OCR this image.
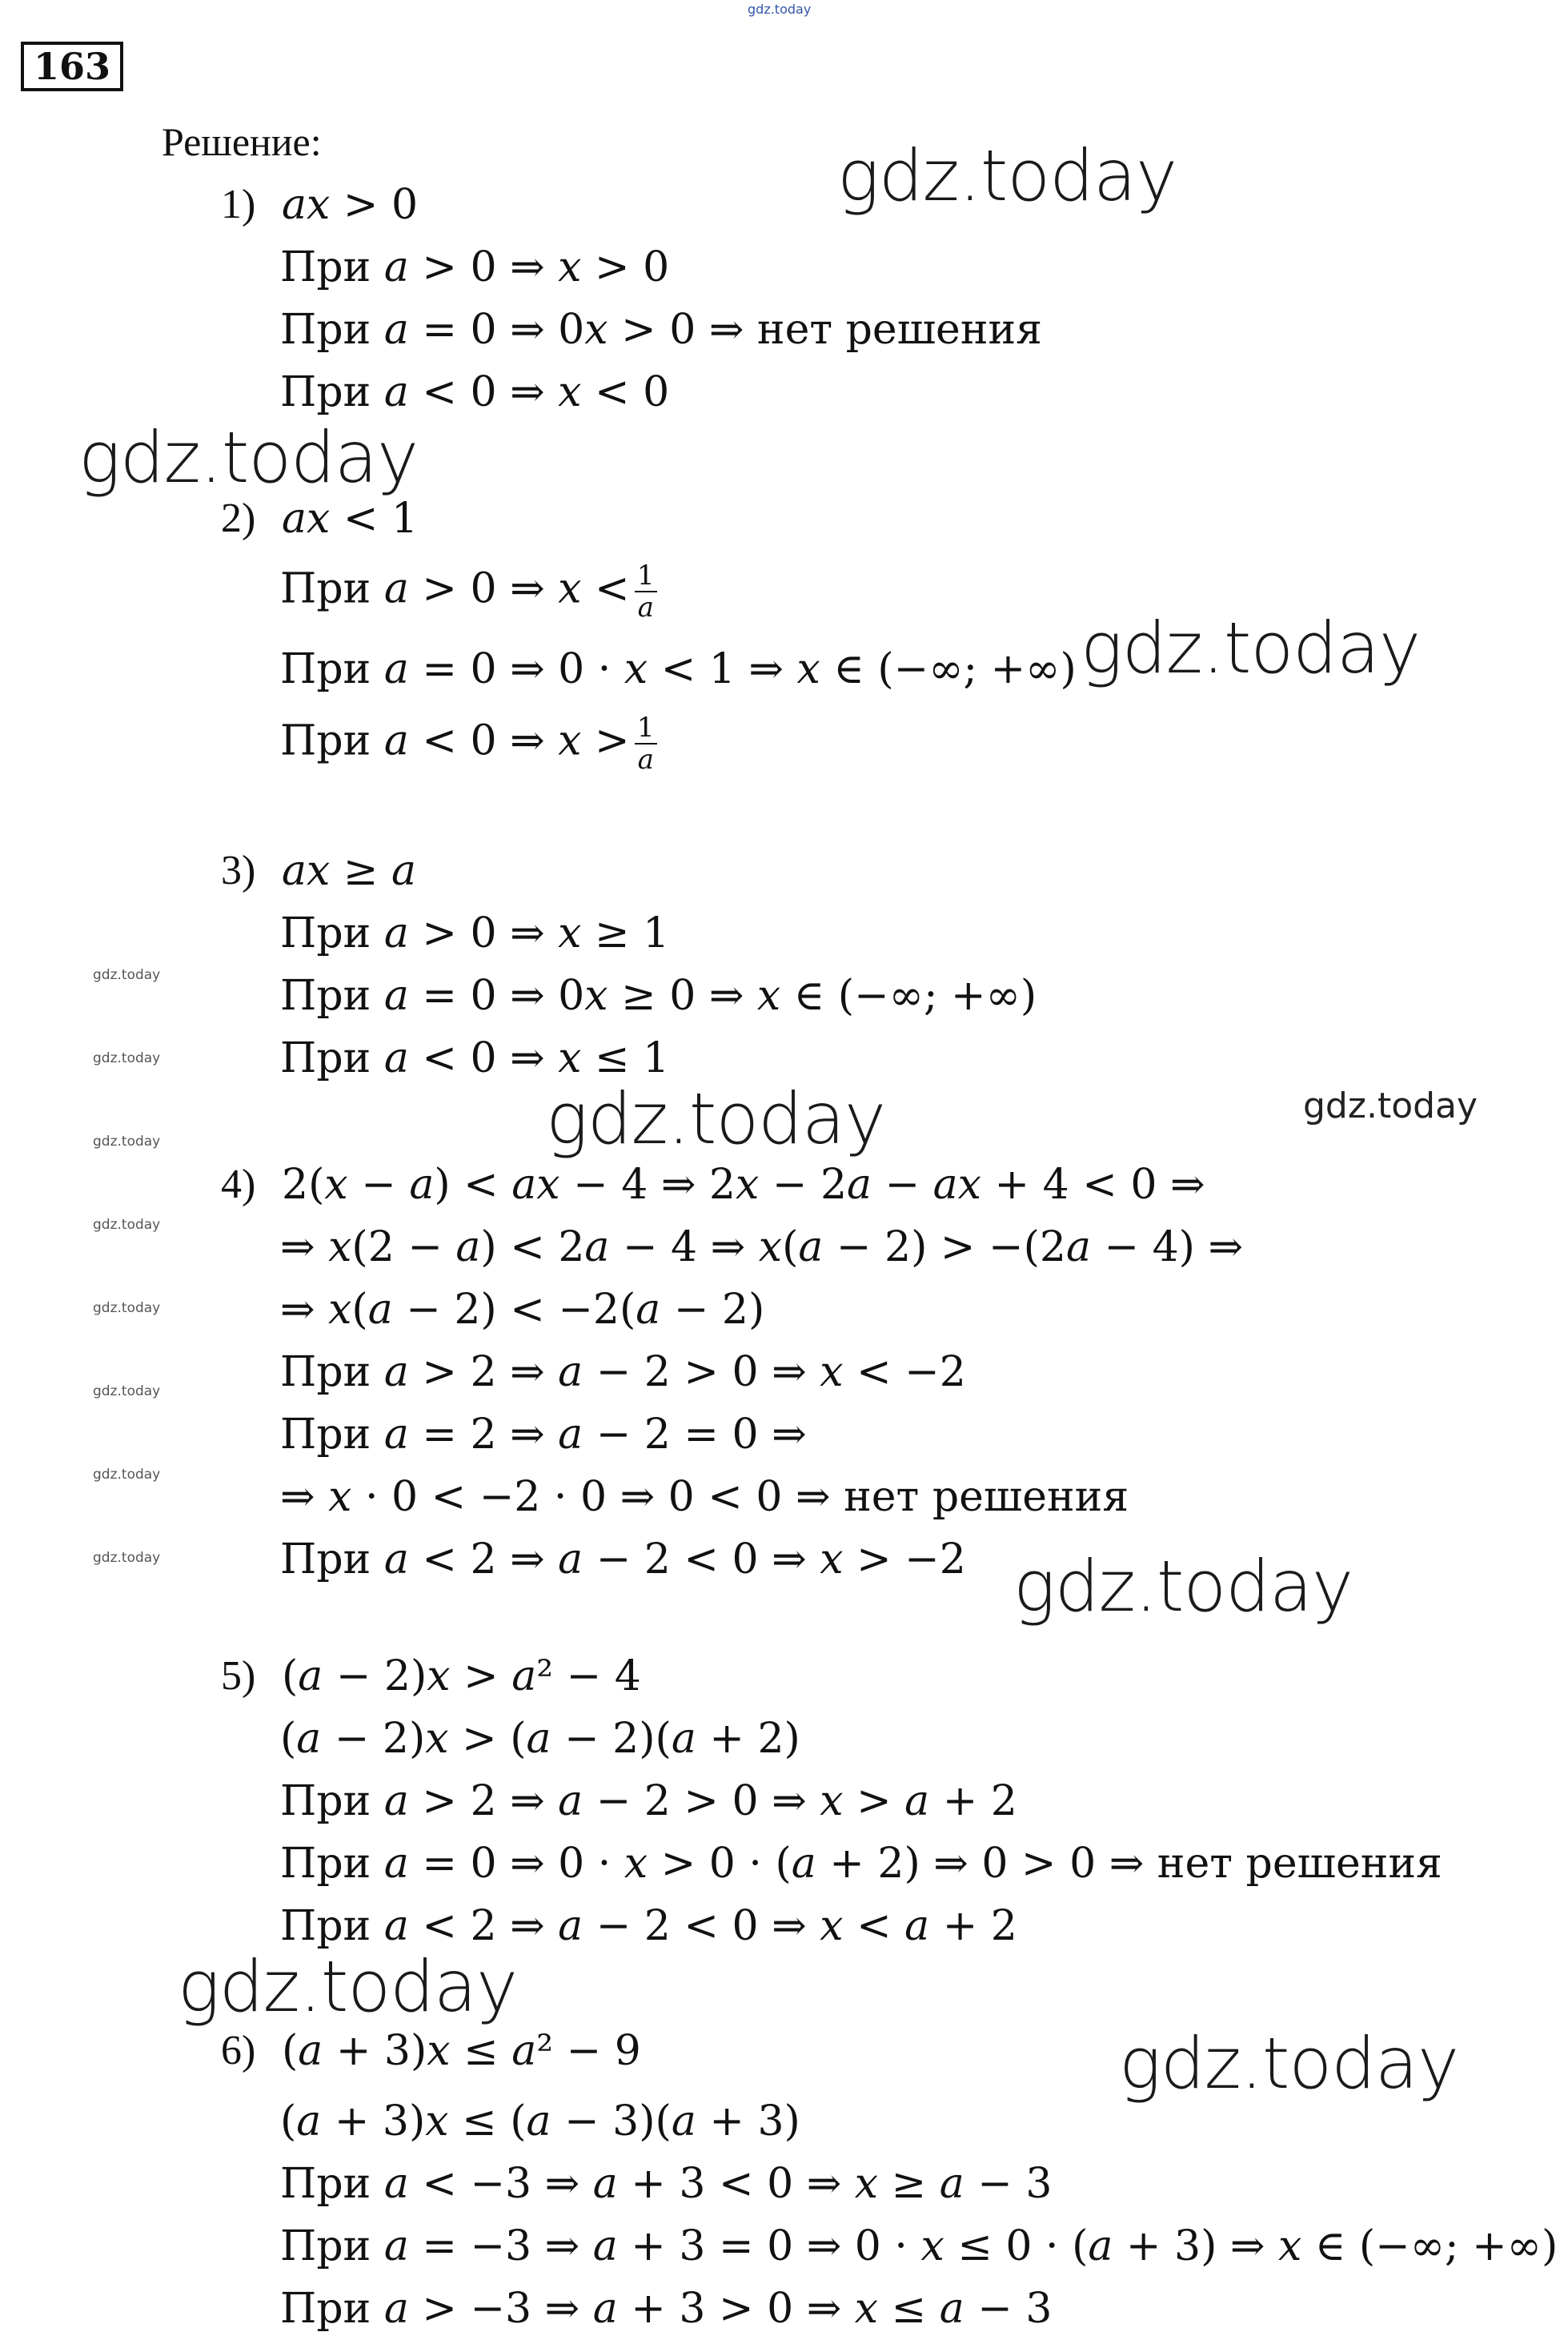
gdz.today
163
Решение:
1) 𝑎𝑥 > 0
При 𝑎 > 0 ⇒ 𝑥 > 0
При 𝑎 = 0 ⇒ 0𝑥 > 0 ⇒ нет решения
При 𝑎 < 0 ⇒ 𝑥 < 0
2) 𝑎𝑥 < 1
При 𝑎 > 0 ⇒ 𝑥 < $\frac{1}{\text{𝑎}}$
При 𝑎 = 0 ⇒ 0 · 𝑥 < 1 ⇒ 𝑥 ∈ (−∞; +∞)
При 𝑎 < 0 ⇒ 𝑥 > $\frac{1}{\text{𝑎}}$
3) 𝑎𝑥 ≥ 𝑎
При 𝑎 > 0 ⇒ 𝑥 ≥ 1
При 𝑎 = 0 ⇒ 0𝑥 ≥ 0 ⇒ 𝑥 ∈ (−∞; +∞)
При 𝑎 < 0 ⇒ 𝑥 ≤ 1
4) 2(𝑥 − 𝑎) < 𝑎𝑥 − 4 ⇒ 2𝑥 − 2𝑎 − 𝑎𝑥 + 4 < 0 ⇒
⇒ 𝑥(2 − 𝑎) < 2𝑎 − 4 ⇒ 𝑥(𝑎 − 2) > −(2𝑎 − 4) ⇒
⇒ 𝑥(𝑎 − 2) < −2(𝑎 − 2)
При 𝑎 > 2 ⇒ 𝑎 − 2 > 0 ⇒ 𝑥 < −2
При 𝑎 = 2 ⇒ 𝑎 − 2 = 0 ⇒
⇒ 𝑥 · 0 < −2 · 0 ⇒ 0 < 0 ⇒ нет решения
При 𝑎 < 2 ⇒ 𝑎 − 2 < 0 ⇒ 𝑥 > −2
5) (𝑎 − 2)𝑥 > 𝑎² − 4
(𝑎 − 2)𝑥 > (𝑎 − 2)(𝑎 + 2)
При 𝑎 > 2 ⇒ 𝑎 − 2 > 0 ⇒ 𝑥 > 𝑎 + 2
При 𝑎 = 0 ⇒ 0 · 𝑥 > 0 · (𝑎 + 2) ⇒ 0 > 0 ⇒ нет решения
При 𝑎 < 2 ⇒ 𝑎 − 2 < 0 ⇒ 𝑥 < 𝑎 + 2
6) (𝑎 + 3)𝑥 ≤ 𝑎² − 9
(𝑎 + 3)𝑥 ≤ (𝑎 − 3)(𝑎 + 3)
При 𝑎 < −3 ⇒ 𝑎 + 3 < 0 ⇒ 𝑥 ≥ 𝑎 − 3
При 𝑎 = −3 ⇒ 𝑎 + 3 = 0 ⇒ 0 · 𝑥 ≤ 0 · (𝑎 + 3) ⇒ 𝑥 ∈ (−∞; +∞)
При 𝑎 > −3 ⇒ 𝑎 + 3 > 0 ⇒ 𝑥 ≤ 𝑎 − 3
gdz.today
gdz.today
gdz.today
gdz.today
gdz.today
gdz.today
gdz.today
gdz.today
gdz.today
gdz.today
gdz.today
gdz.today
gdz.today
gdz.today
gdz.today
gdz.today
